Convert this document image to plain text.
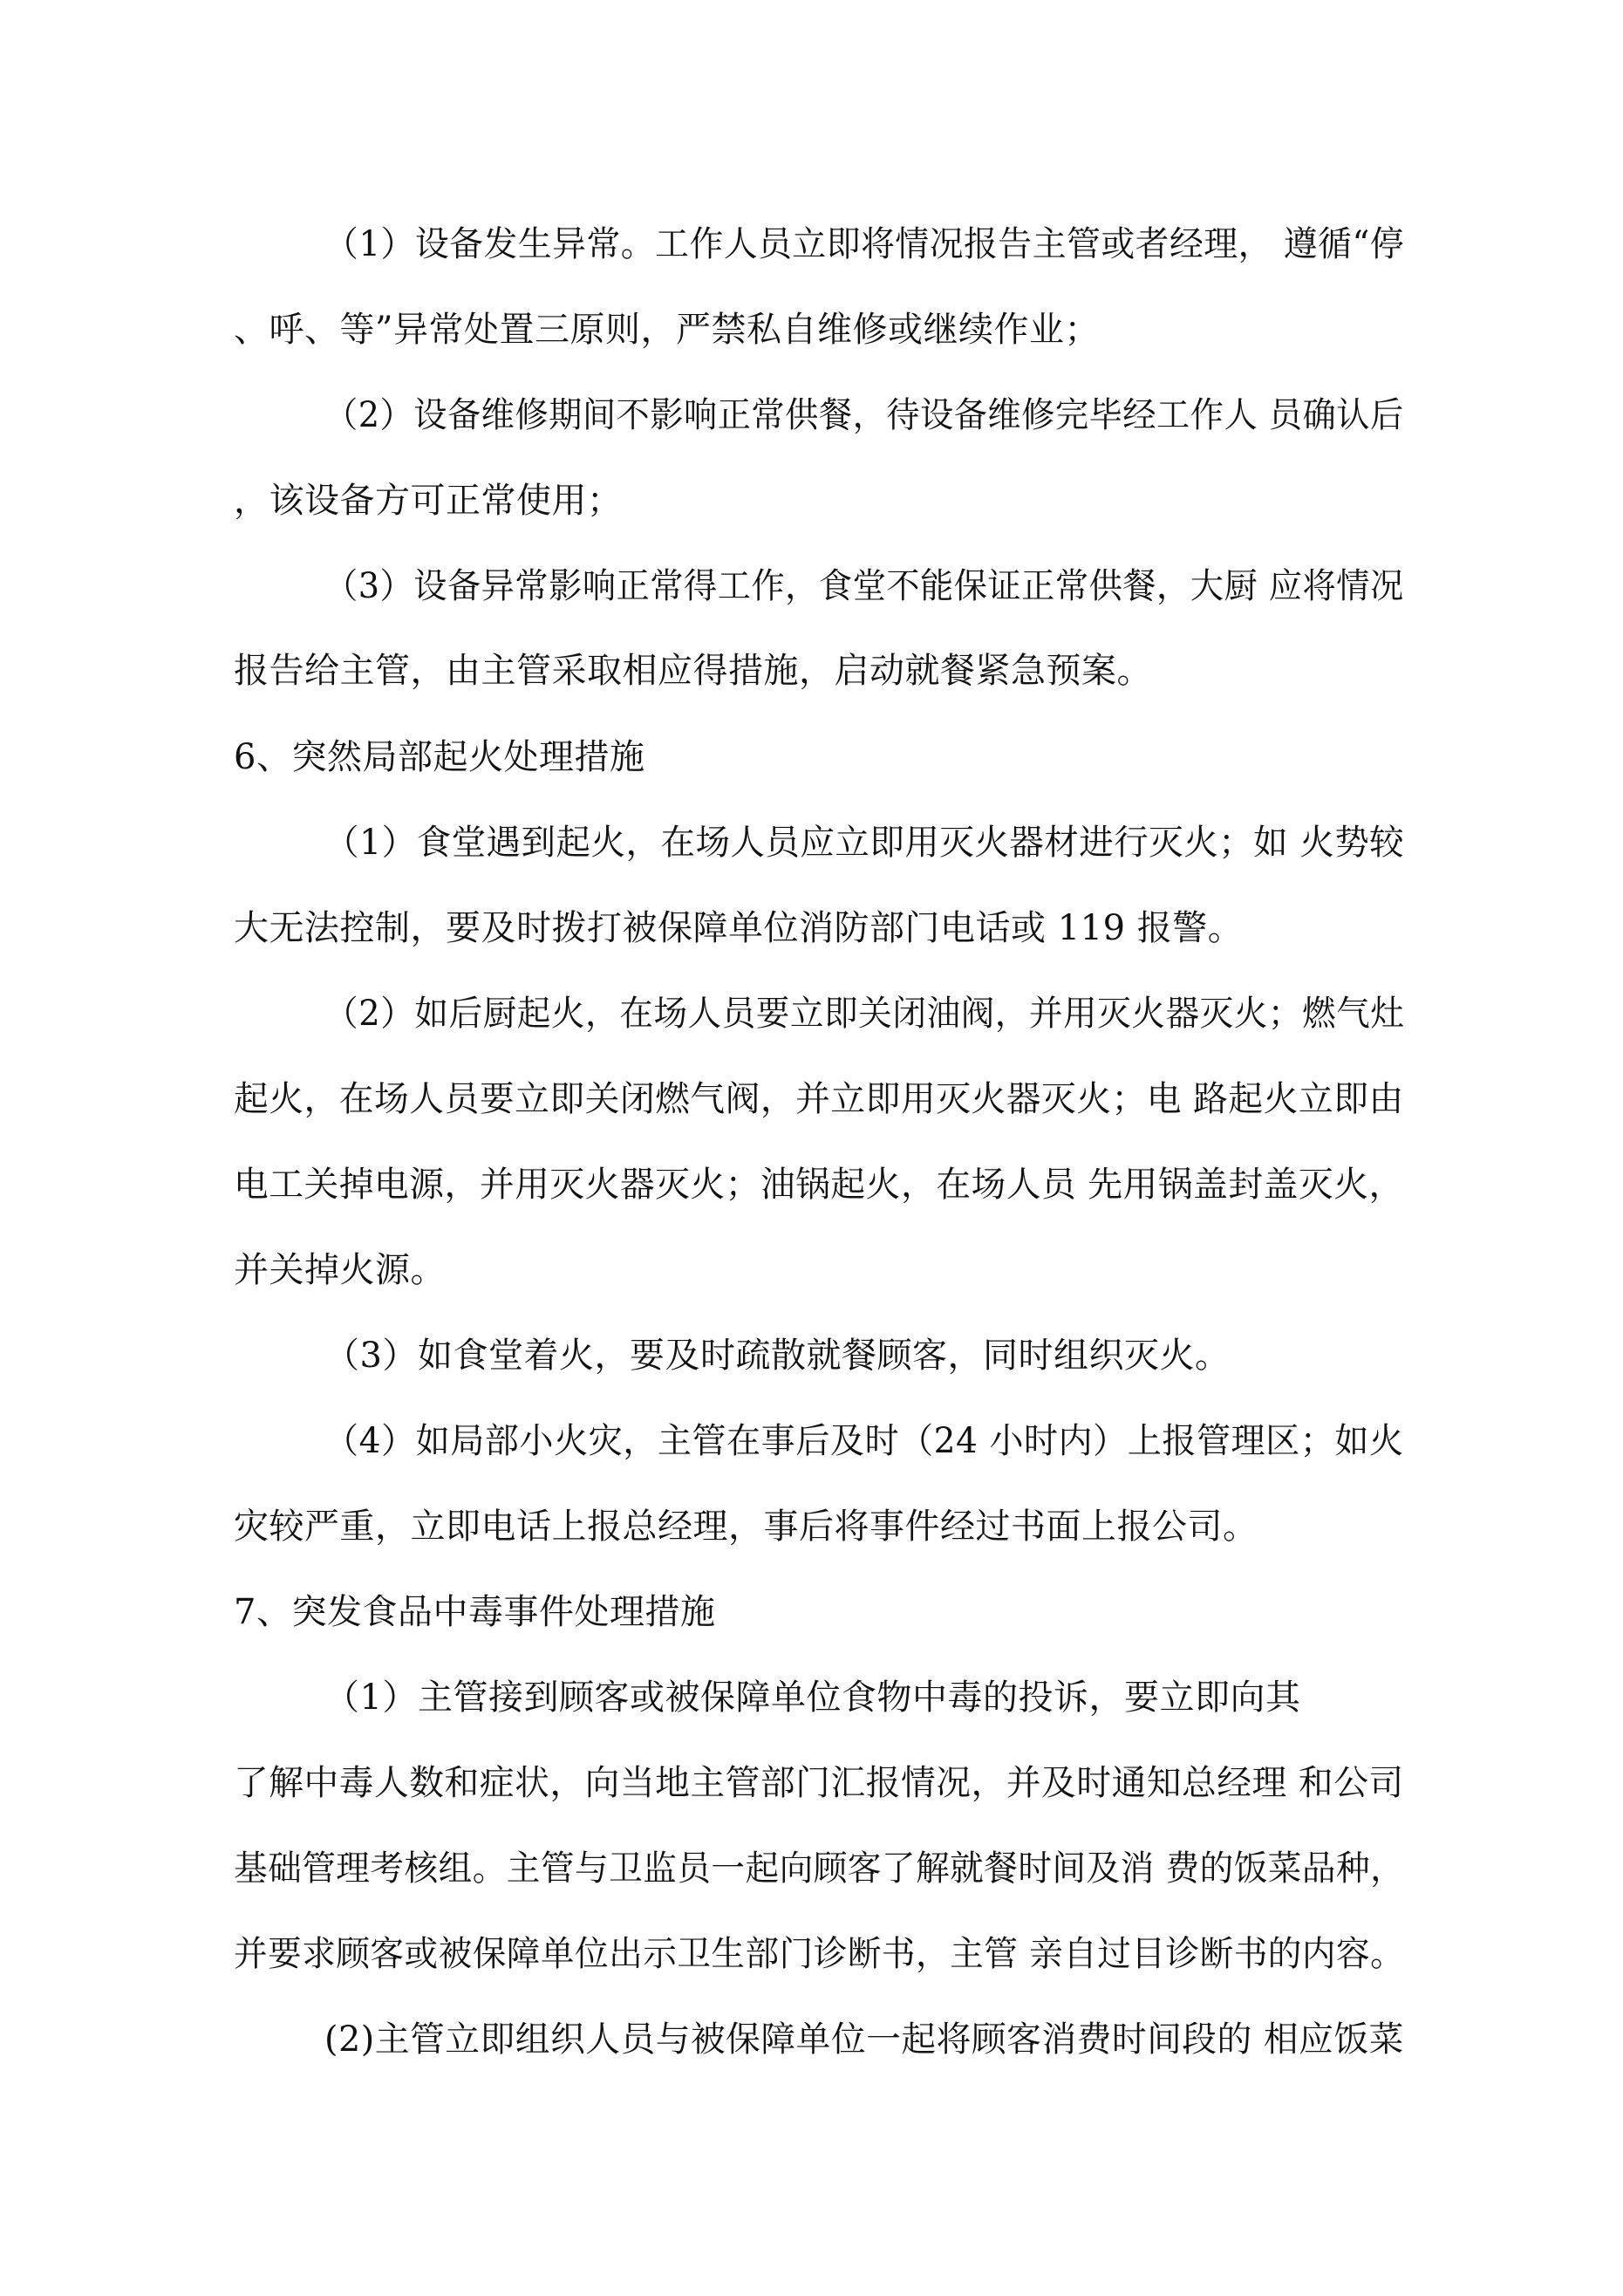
（1）设备发生异常。工作人员立即将情况报告主管或者经理， 遵循“停
、呼、等”异常处置三原则，严禁私自维修或继续作业；
（2）设备维修期间不影响正常供餐，待设备维修完毕经工作人 员确认后
，该设备方可正常使用；
（3）设备异常影响正常得工作，食堂不能保证正常供餐，大厨 应将情况
报告给主管，由主管采取相应得措施，启动就餐紧急预案。
6、突然局部起火处理措施
（1）食堂遇到起火，在场人员应立即用灭火器材进行灭火；如 火势较
大无法控制，要及时拨打被保障单位消防部门电话或 119 报警。
（2）如后厨起火，在场人员要立即关闭油阀，并用灭火器灭火；燃气灶
起火，在场人员要立即关闭燃气阀，并立即用灭火器灭火；电 路起火立即由
电工关掉电源，并用灭火器灭火；油锅起火，在场人员 先用锅盖封盖灭火，
并关掉火源。
（3）如食堂着火，要及时疏散就餐顾客，同时组织灭火。
（4）如局部小火灾，主管在事后及时（24 小时内）上报管理区；如火
灾较严重，立即电话上报总经理，事后将事件经过书面上报公司。
7、突发食品中毒事件处理措施
（1）主管接到顾客或被保障单位食物中毒的投诉，要立即向其
了解中毒人数和症状，向当地主管部门汇报情况，并及时通知总经理 和公司
基础管理考核组。主管与卫监员一起向顾客了解就餐时间及消 费的饭菜品种，
并要求顾客或被保障单位出示卫生部门诊断书，主管 亲自过目诊断书的内容。
(2)主管立即组织人员与被保障单位一起将顾客消费时间段的 相应饭菜
